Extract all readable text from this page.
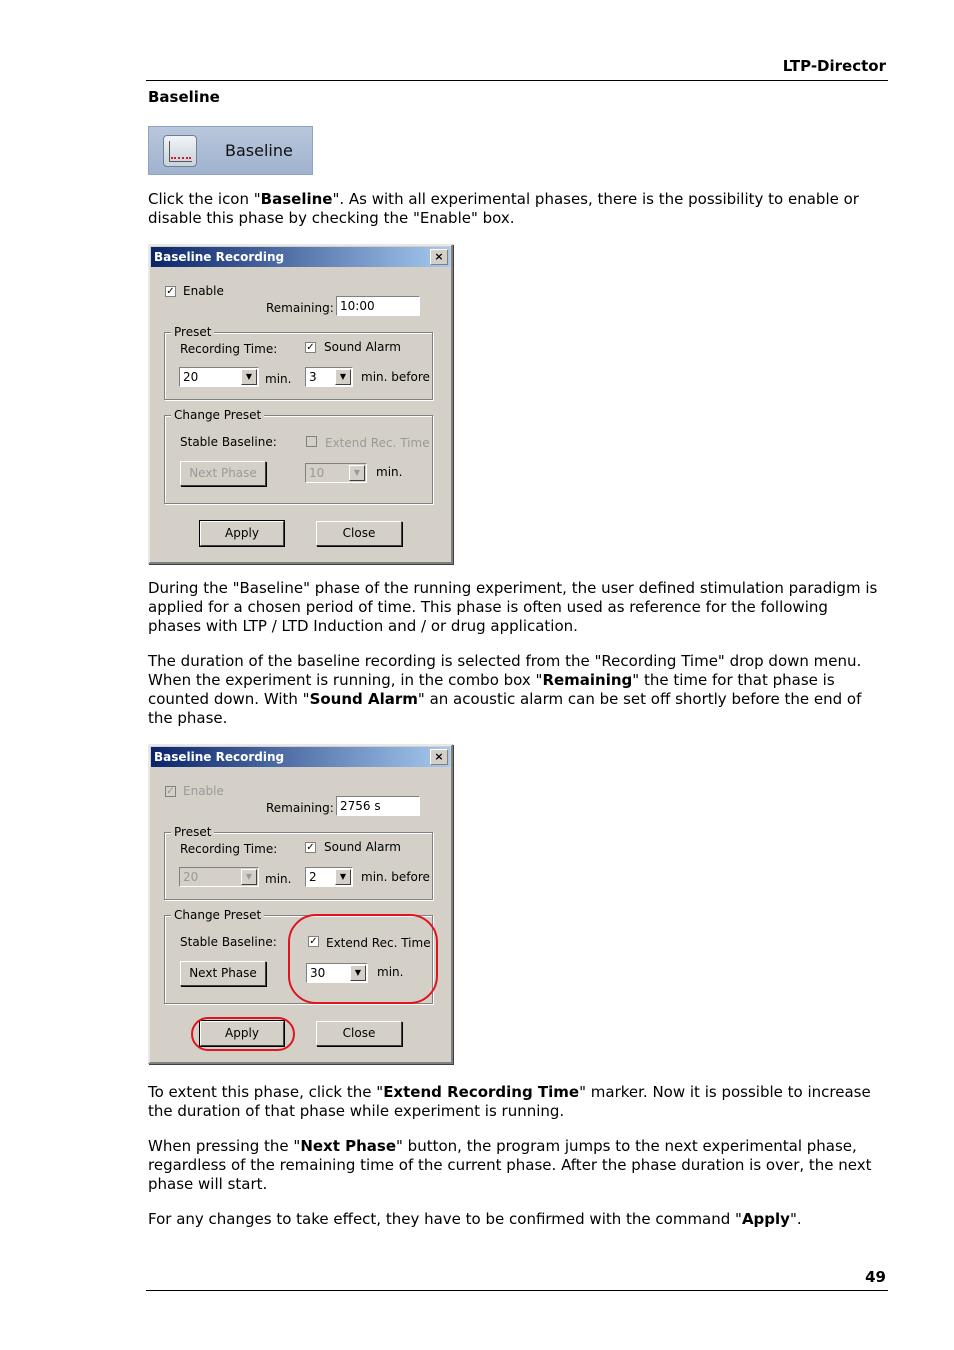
LTP-Director
Baseline
Baseline

Click the icon "Baseline". As with all experimental phases, there is the possibility to enable or disable this phase by checking the "Enable" box.

Baseline Recording	×
✓ Enable
Remaining: 10:00
Preset
Recording Time:	✓ Sound Alarm
20	▼	min.	3	▼	min. before
Change Preset
Stable Baseline:	Extend Rec. Time
Next Phase	10	▼	min.
Apply	Close

During the "Baseline" phase of the running experiment, the user defined stimulation paradigm is applied for a chosen period of time. This phase is often used as reference for the following phases with LTP / LTD Induction and / or drug application.

The duration of the baseline recording is selected from the "Recording Time" drop down menu. When the experiment is running, in the combo box "Remaining" the time for that phase is counted down. With "Sound Alarm" an acoustic alarm can be set off shortly before the end of the phase.

Baseline Recording	×
✓ Enable
Remaining: 2756 s
Preset
Recording Time:	✓ Sound Alarm
20	▼	min.	2	▼	min. before
Change Preset
Stable Baseline:	✓ Extend Rec. Time
Next Phase	30	▼	min.
Apply	Close

To extent this phase, click the "Extend Recording Time" marker. Now it is possible to increase the duration of that phase while experiment is running.

When pressing the "Next Phase" button, the program jumps to the next experimental phase, regardless of the remaining time of the current phase. After the phase duration is over, the next phase will start.

For any changes to take effect, they have to be confirmed with the command "Apply".

49
